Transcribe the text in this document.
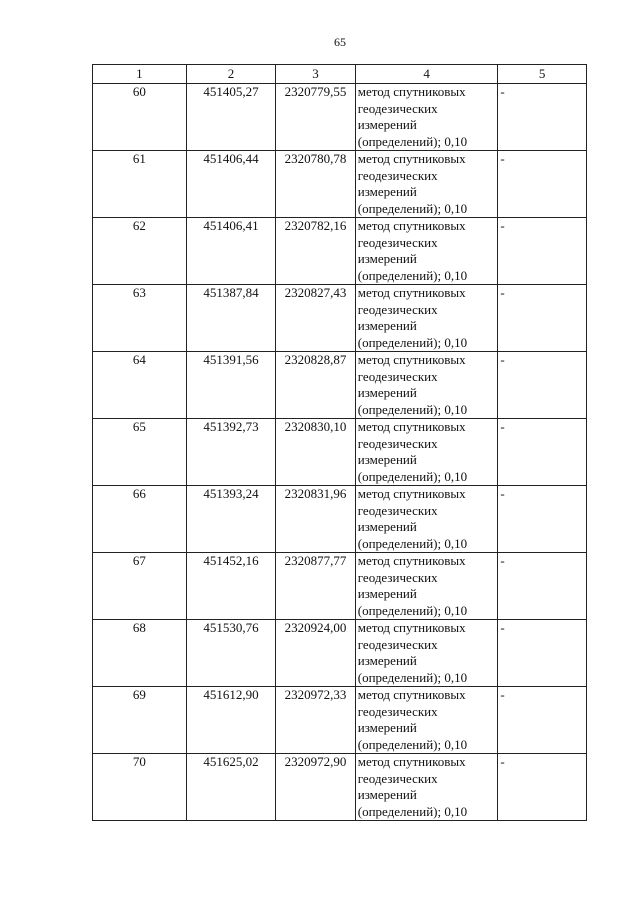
65
1	2	3	4	5
60	451405,27	2320779,55	метод спутниковых
геодезических
измерений
(определений); 0,10	-
61	451406,44	2320780,78	метод спутниковых
геодезических
измерений
(определений); 0,10	-
62	451406,41	2320782,16	метод спутниковых
геодезических
измерений
(определений); 0,10	-
63	451387,84	2320827,43	метод спутниковых
геодезических
измерений
(определений); 0,10	-
64	451391,56	2320828,87	метод спутниковых
геодезических
измерений
(определений); 0,10	-
65	451392,73	2320830,10	метод спутниковых
геодезических
измерений
(определений); 0,10	-
66	451393,24	2320831,96	метод спутниковых
геодезических
измерений
(определений); 0,10	-
67	451452,16	2320877,77	метод спутниковых
геодезических
измерений
(определений); 0,10	-
68	451530,76	2320924,00	метод спутниковых
геодезических
измерений
(определений); 0,10	-
69	451612,90	2320972,33	метод спутниковых
геодезических
измерений
(определений); 0,10	-
70	451625,02	2320972,90	метод спутниковых
геодезических
измерений
(определений); 0,10	-
